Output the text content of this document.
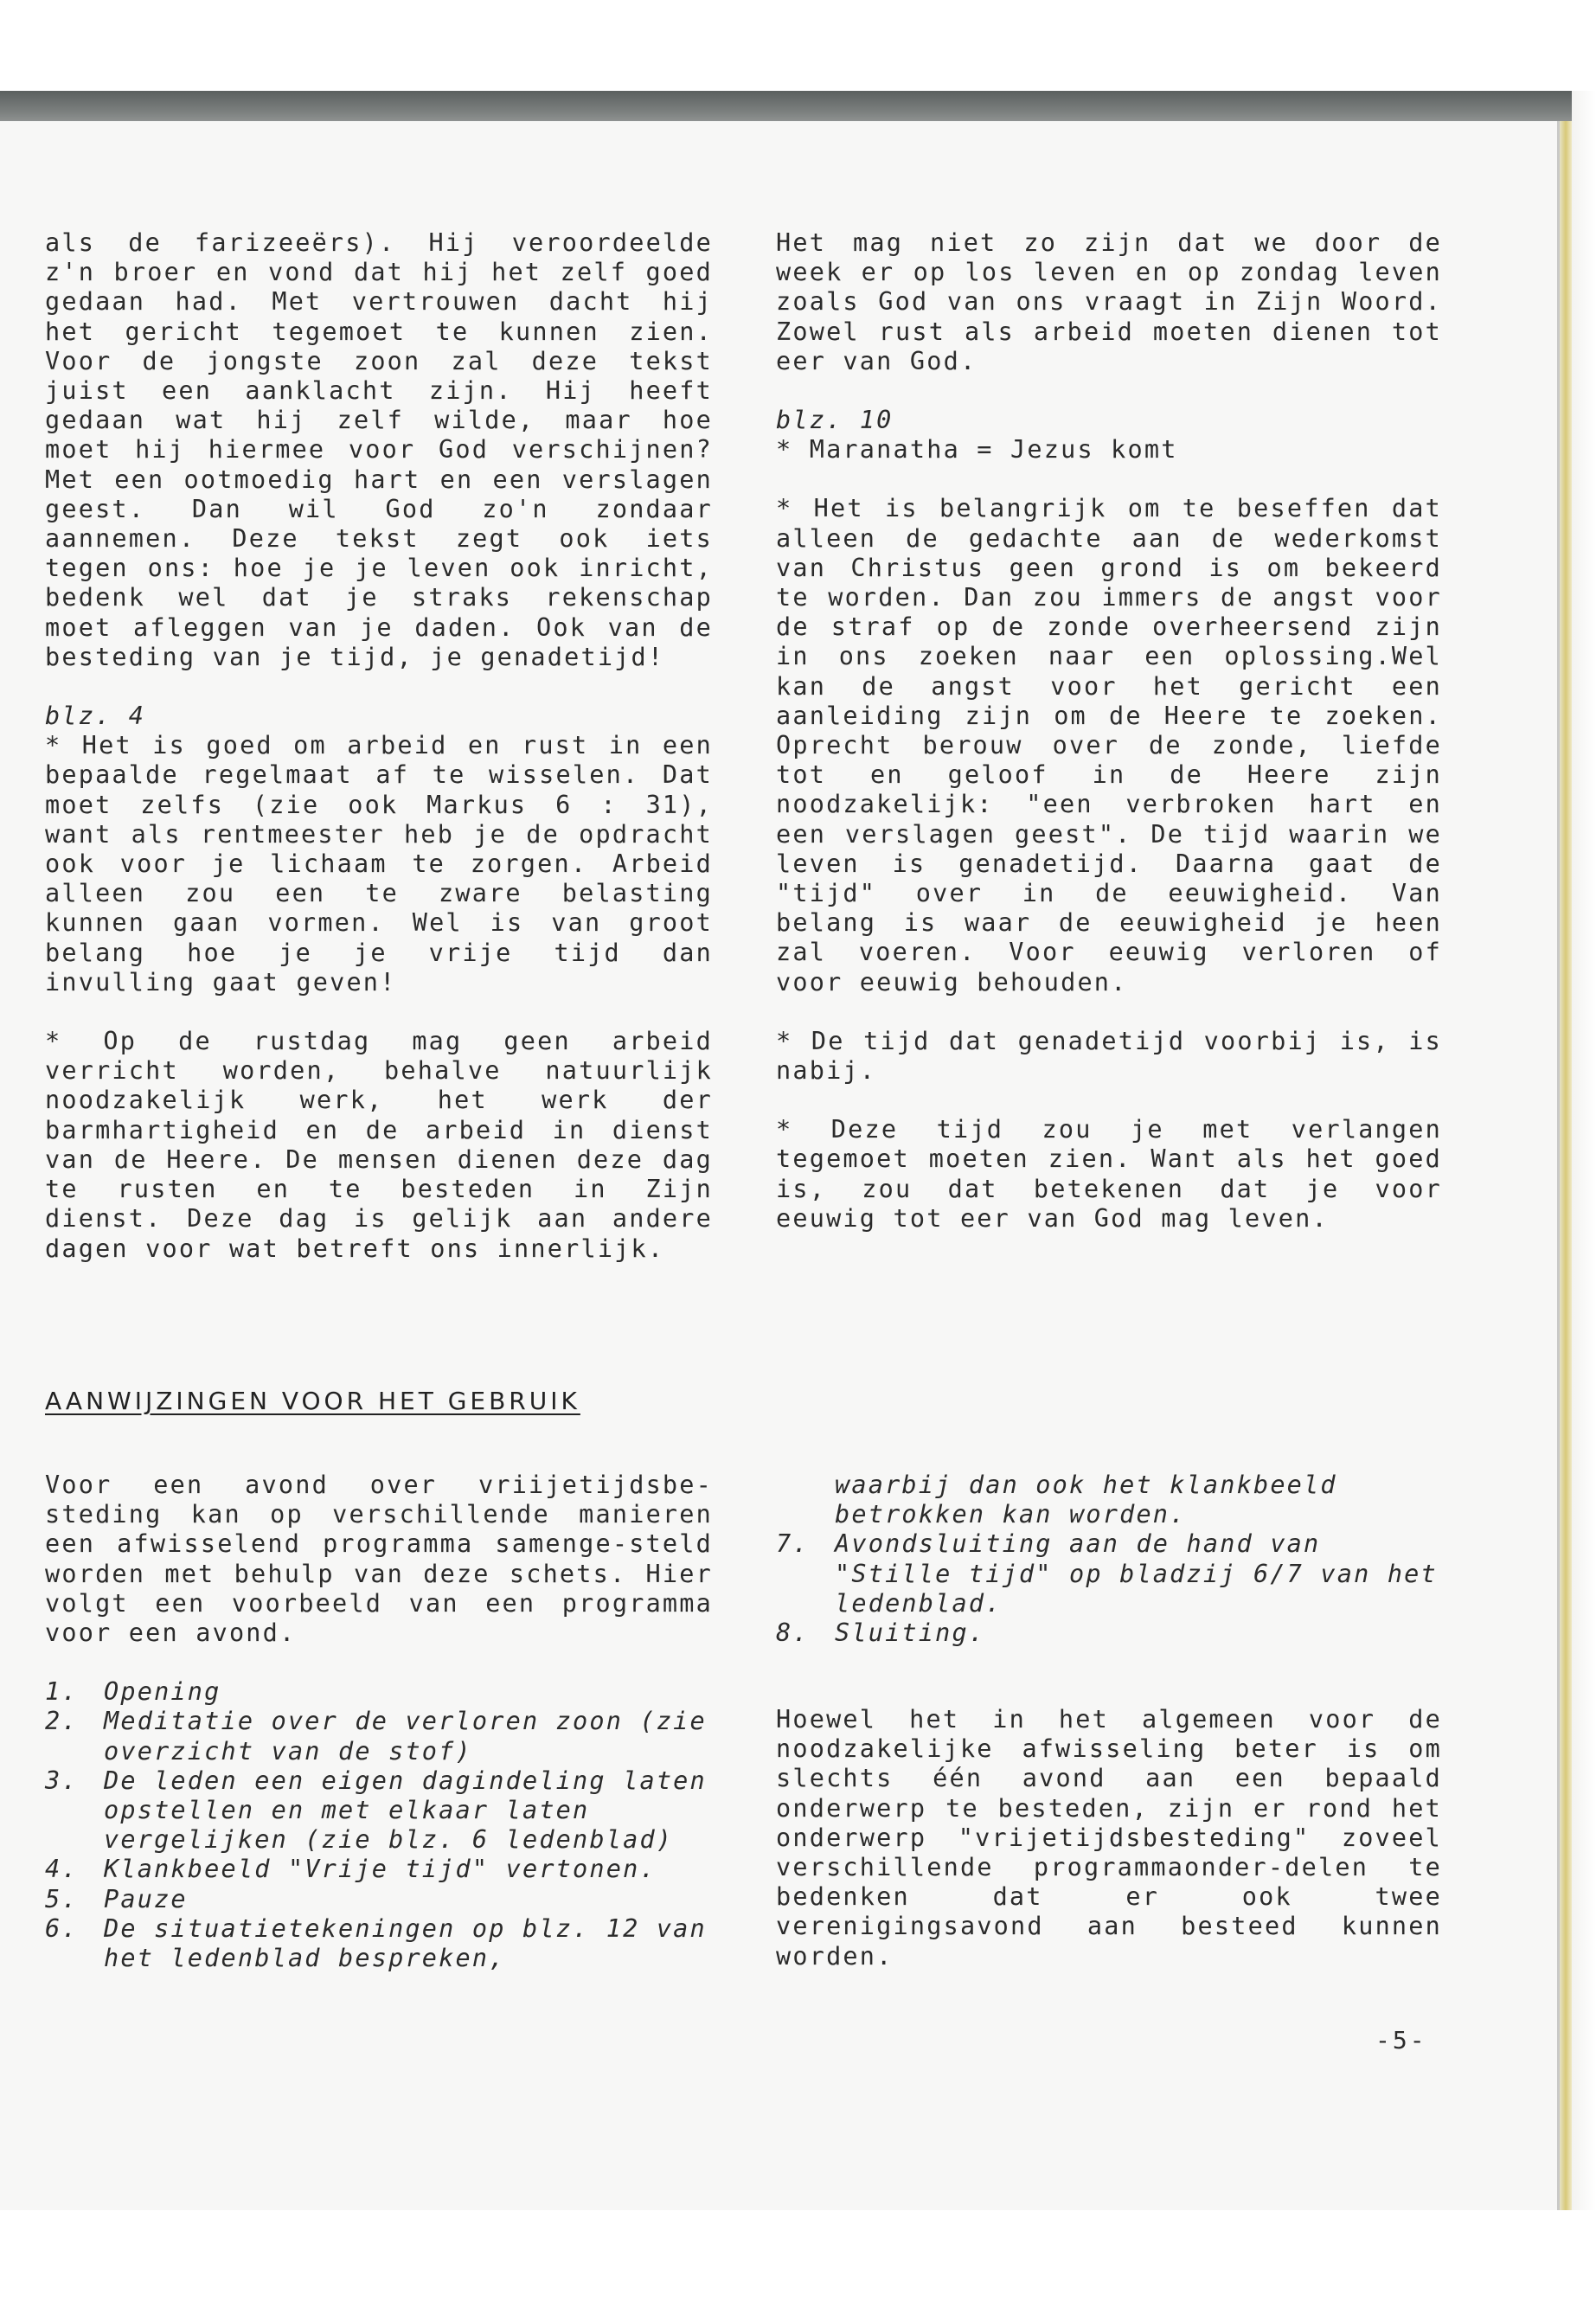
als de farizeeërs). Hij veroordeelde z'n broer en vond dat hij het zelf goed gedaan had. Met vertrouwen dacht hij het gericht tegemoet te kunnen zien. Voor de jongste zoon zal deze tekst juist een aanklacht zijn. Hij heeft gedaan wat hij zelf wilde, maar hoe moet hij hiermee voor God verschijnen? Met een ootmoedig hart en een verslagen geest. Dan wil God zo'n zondaar aannemen. Deze tekst zegt ook iets tegen ons: hoe je je leven ook inricht, bedenk wel dat je straks rekenschap moet afleggen van je daden. Ook van de besteding van je tijd, je genadetijd!

blz. 4

* Het is goed om arbeid en rust in een bepaalde regelmaat af te wisselen. Dat moet zelfs (zie ook Markus 6 : 31), want als rentmeester heb je de opdracht ook voor je lichaam te zorgen. Arbeid alleen zou een te zware belasting kunnen gaan vormen. Wel is van groot belang hoe je je vrije tijd dan invulling gaat geven!

* Op de rustdag mag geen arbeid verricht worden, behalve natuurlijk noodzakelijk werk, het werk der barmhartigheid en de arbeid in dienst van de Heere. De mensen dienen deze dag te rusten en te besteden in Zijn dienst. Deze dag is gelijk aan andere dagen voor wat betreft ons innerlijk.

Het mag niet zo zijn dat we door de week er op los leven en op zondag leven zoals God van ons vraagt in Zijn Woord. Zowel rust als arbeid moeten dienen tot eer van God.

blz. 10

* Maranatha = Jezus komt

* Het is belangrijk om te beseffen dat alleen de gedachte aan de wederkomst van Christus geen grond is om bekeerd te worden. Dan zou immers de angst voor de straf op de zonde overheersend zijn in ons zoeken naar een oplossing.Wel kan de angst voor het gericht een aanleiding zijn om de Heere te zoeken. Oprecht berouw over de zonde, liefde tot en geloof in de Heere zijn noodzakelijk: "een verbroken hart en een verslagen geest". De tijd waarin we leven is genadetijd. Daarna gaat de "tijd" over in de eeuwigheid. Van belang is waar de eeuwigheid je heen zal voeren. Voor eeuwig verloren of voor eeuwig behouden.

* De tijd dat genadetijd voorbij is, is nabij.

* Deze tijd zou je met verlangen tegemoet moeten zien. Want als het goed is, zou dat betekenen dat je voor eeuwig tot eer van God mag leven.

AANWIJZINGEN VOOR HET GEBRUIK

Voor een avond over vriijetijdsbe-steding kan op verschillende manieren een afwisselend programma samenge-steld worden met behulp van deze schets. Hier volgt een voorbeeld van een programma voor een avond.

1.	Opening
2.	Meditatie over de verloren zoon (zie overzicht van de stof)
3.	De leden een eigen dagindeling laten opstellen en met elkaar laten vergelijken (zie blz. 6 ledenblad)
4.	Klankbeeld "Vrije tijd" vertonen.
5.	Pauze
6.	De situatietekeningen op blz. 12 van het ledenblad bespreken,
waarbij dan ook het klankbeeld betrokken kan worden.
7.	Avondsluiting aan de hand van "Stille tijd" op bladzij 6/7 van het ledenblad.
8.	Sluiting.

Hoewel het in het algemeen voor de noodzakelijke afwisseling beter is om slechts één avond aan een bepaald onderwerp te besteden, zijn er rond het onderwerp "vrijetijdsbesteding" zoveel verschillende programmaonder-delen te bedenken dat er ook twee verenigingsavond aan besteed kunnen worden.

-5-
